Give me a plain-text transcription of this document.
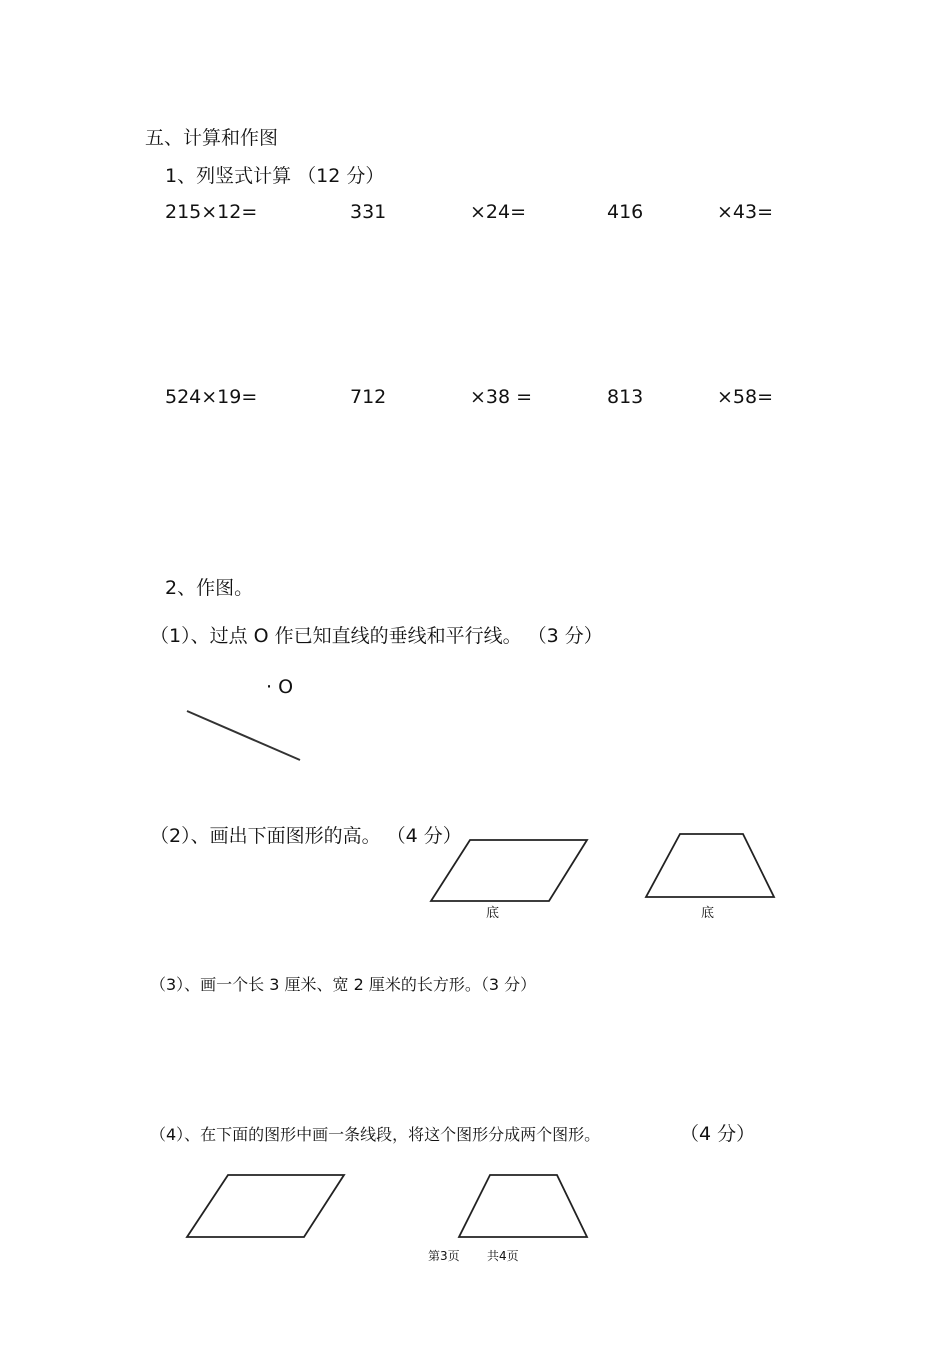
五、计算和作图
1、列竖式计算 （12 分）
215×12=	331	×24=	416	×43=
524×19=	712	×38 =	813	×58=
2、作图。
（1）、过点 O 作已知直线的垂线和平行线。 （3 分）
· O
（2）、画出下面图形的高。 （4 分）
底	底
（3）、画一个长 3 厘米、宽 2 厘米的长方形。（3 分）
（4）、在下面的图形中画一条线段，将这个图形分成两个图形。	（4 分）
第3页 共4页
